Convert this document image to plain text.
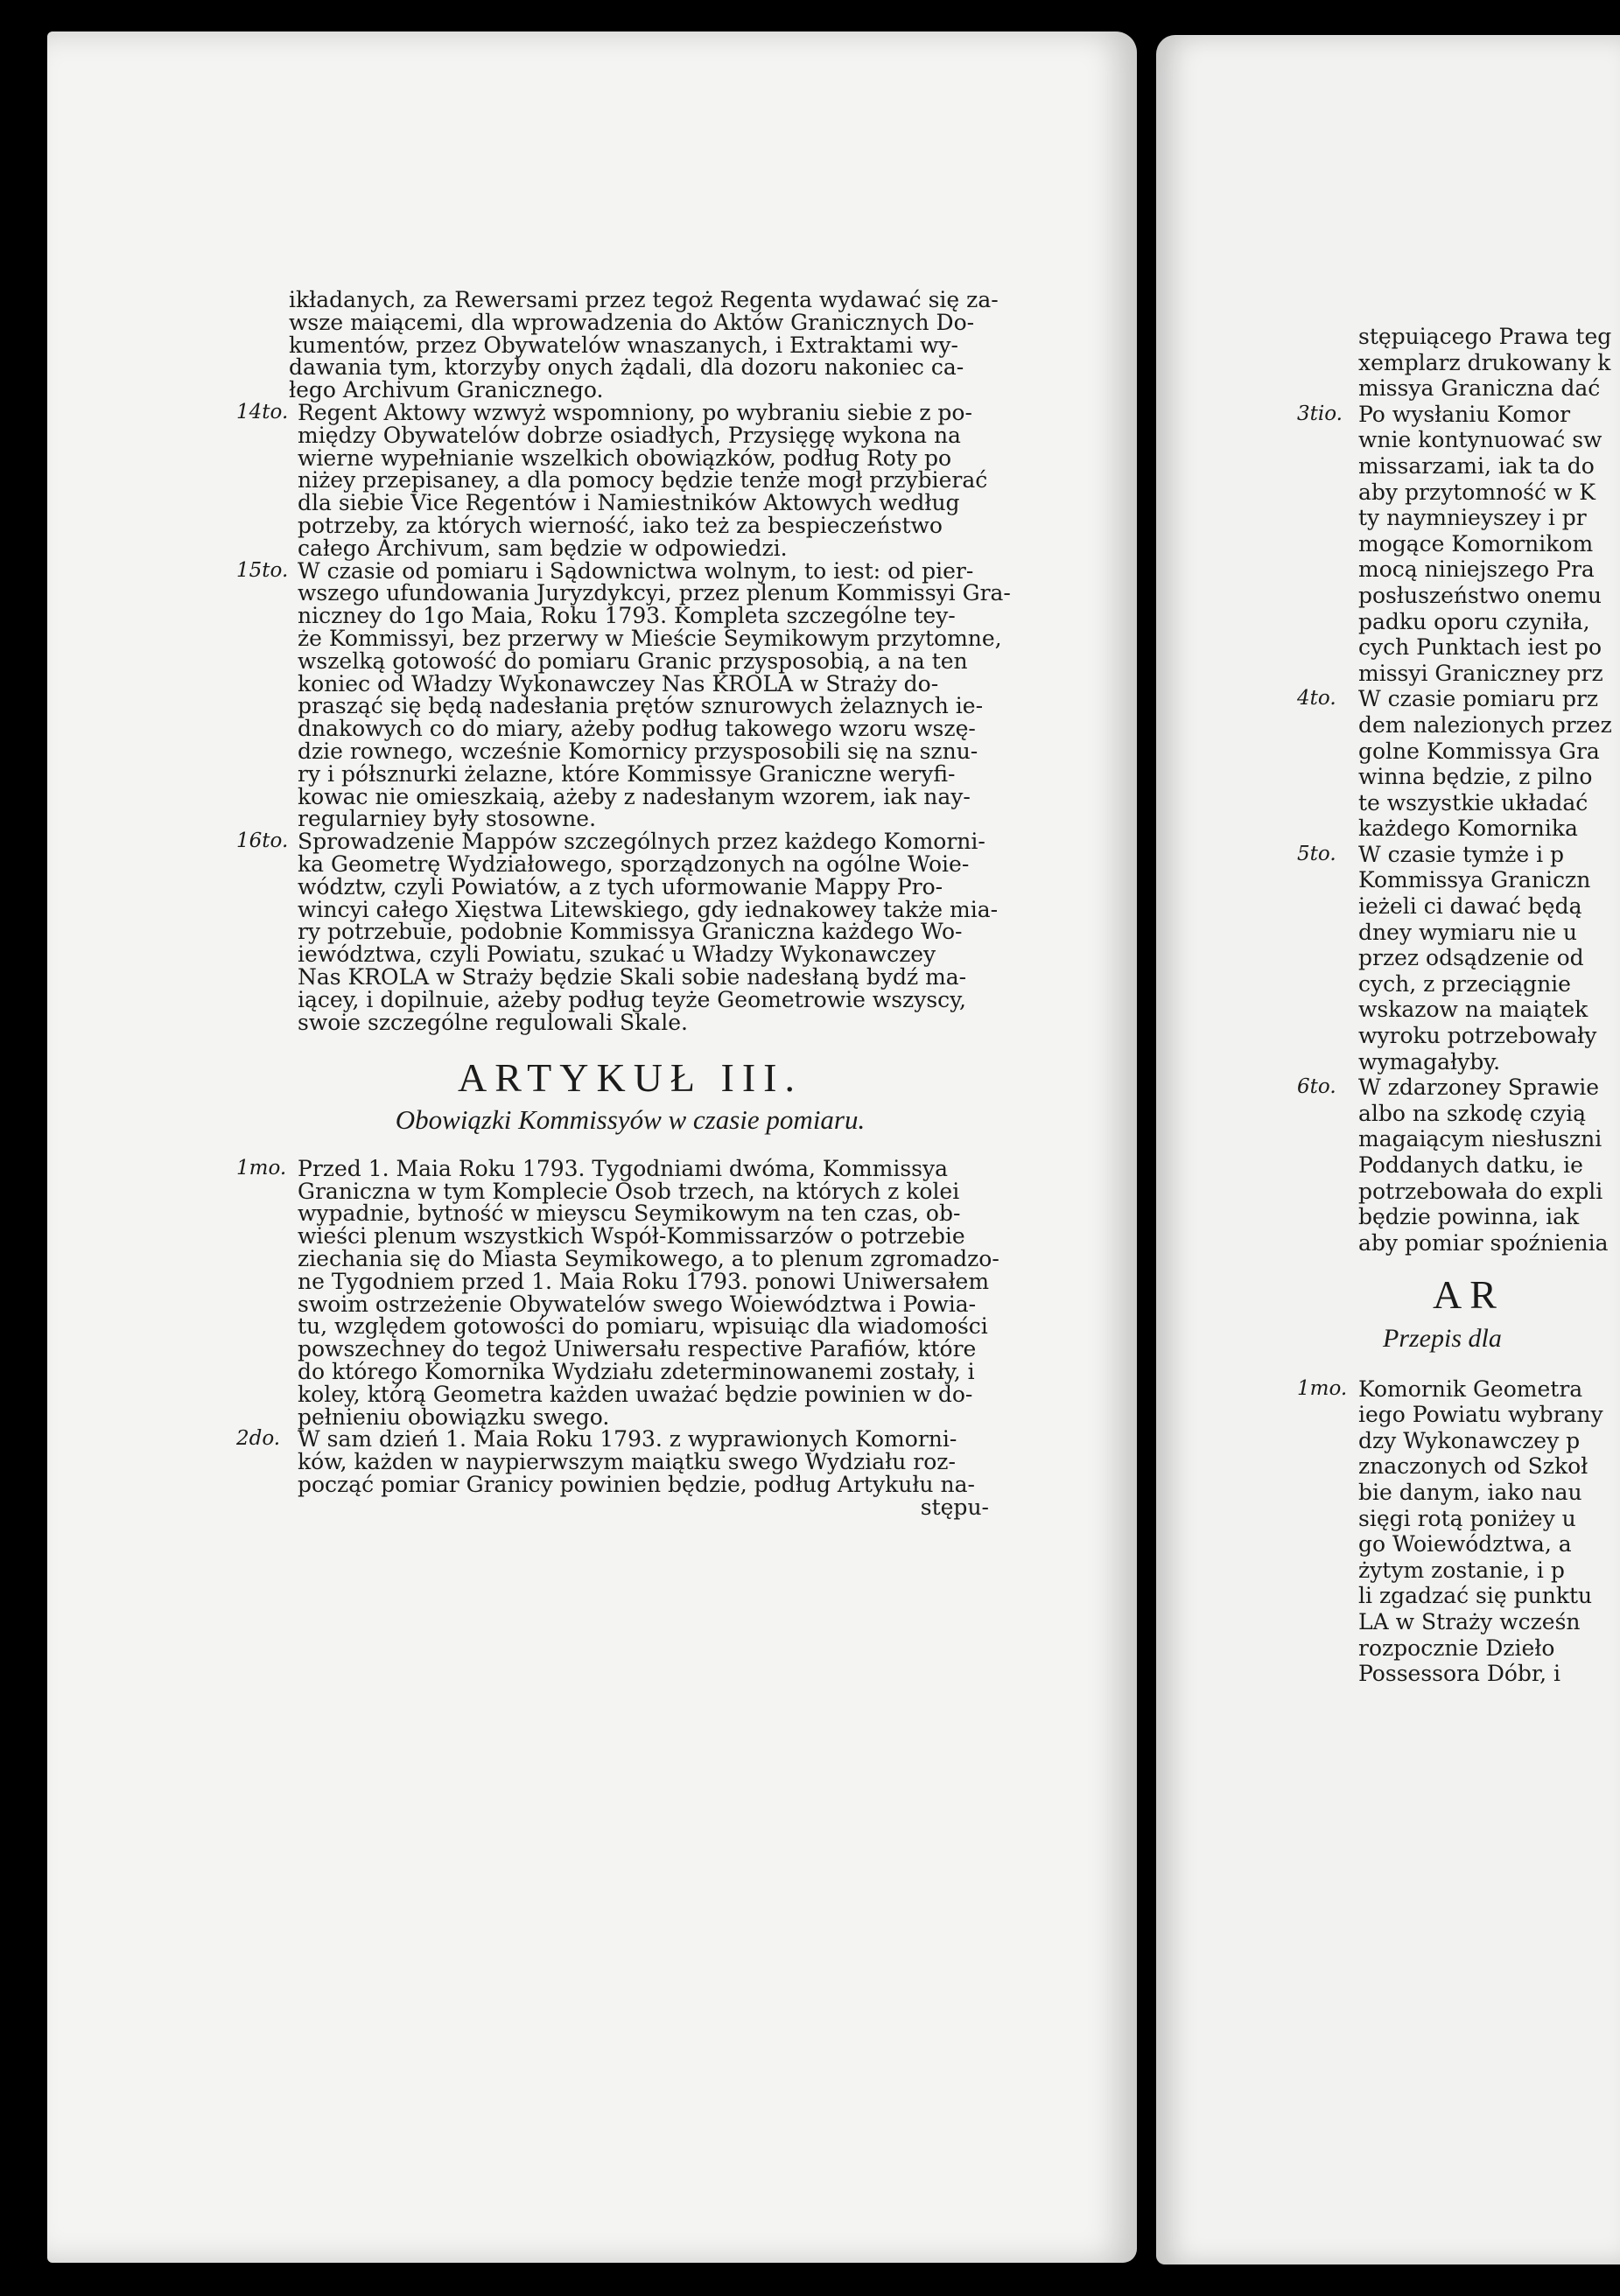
ikładanych, za Rewersami przez tegoż Regenta wydawać się za-
wsze maiącemi, dla wprowadzenia do Aktów Granicznych Do-
kumentów, przez Obywatelów wnaszanych, i Extraktami wy-
dawania tym, ktorzyby onych żądali, dla dozoru nakoniec ca-
łego Archivum Granicznego.
14to. Regent Aktowy wzwyż wspomniony, po wybraniu siebie z po-
między Obywatelów dobrze osiadłych, Przysięgę wykona na
wierne wypełnianie wszelkich obowiązków, podług Roty po
niżey przepisaney, a dla pomocy będzie tenże mogł przybierać
dla siebie Vice Regentów i Namiestników Aktowych według
potrzeby, za których wierność, iako też za bespieczeństwo
całego Archivum, sam będzie w odpowiedzi.
15to. W czasie od pomiaru i Sądownictwa wolnym, to iest: od pier-
wszego ufundowania Juryzdykcyi, przez plenum Kommissyi Gra-
niczney do 1go Maia, Roku 1793. Kompleta szczególne tey-
że Kommissyi, bez przerwy w Mieście Seymikowym przytomne,
wszelką gotowość do pomiaru Granic przysposobią, a na ten
koniec od Władzy Wykonawczey Nas KROLA w Straży do-
prasząć się będą nadesłania prętów sznurowych żelaznych ie-
dnakowych co do miary, ażeby podług takowego wzoru wszę-
dzie rownego, wcześnie Komornicy przysposobili się na sznu-
ry i półsznurki żelazne, które Kommissye Graniczne weryfi-
kowac nie omieszkaią, ażeby z nadesłanym wzorem, iak nay-
regularniey były stosowne.
16to. Sprowadzenie Mappów szczególnych przez każdego Komorni-
ka Geometrę Wydziałowego, sporządzonych na ogólne Woie-
wództw, czyli Powiatów, a z tych uformowanie Mappy Pro-
wincyi całego Xięstwa Litewskiego, gdy iednakowey także mia-
ry potrzebuie, podobnie Kommissya Graniczna każdego Wo-
iewództwa, czyli Powiatu, szukać u Władzy Wykonawczey
Nas KROLA w Straży będzie Skali sobie nadesłaną bydź ma-
iącey, i dopilnuie, ażeby podług teyże Geometrowie wszyscy,
swoie szczególne regulowali Skale.
ARTYKUŁ III.
Obowiązki Kommissyów w czasie pomiaru.
1mo. Przed 1. Maia Roku 1793. Tygodniami dwóma, Kommissya
Graniczna w tym Komplecie Osob trzech, na których z kolei
wypadnie, bytność w mieyscu Seymikowym na ten czas, ob-
wieści plenum wszystkich Współ-Kommissarzów o potrzebie
ziechania się do Miasta Seymikowego, a to plenum zgromadzo-
ne Tygodniem przed 1. Maia Roku 1793. ponowi Uniwersałem
swoim ostrzeżenie Obywatelów swego Woiewództwa i Powia-
tu, względem gotowości do pomiaru, wpisuiąc dla wiadomości
powszechney do tegoż Uniwersału respective Parafiów, które
do którego Komornika Wydziału zdeterminowanemi zostały, i
koley, którą Geometra każden uważać będzie powinien w do-
pełnieniu obowiązku swego.
2do. W sam dzień 1. Maia Roku 1793. z wyprawionych Komorni-
ków, każden w naypierwszym maiątku swego Wydziału roz-
począć pomiar Granicy powinien będzie, podług Artykułu na-
stępu-
stępuiącego Prawa teg
xemplarz drukowany k
missya Graniczna dać
3tio. Po wysłaniu Komor
wnie kontynuować sw
missarzami, iak ta do
aby przytomność w K
ty naymnieyszey i pr
mogące Komornikom
mocą niniejszego Pra
posłuszeństwo onemu
padku oporu czyniła,
cych Punktach iest po
missyi Graniczney prz
4to. W czasie pomiaru prz
dem nalezionych przez
golne Kommissya Gra
winna będzie, z pilno
te wszystkie układać
każdego Komornika
5to. W czasie tymże i p
Kommissya Graniczn
ieżeli ci dawać będą
dney wymiaru nie u
przez odsądzenie od
cych, z przeciągnie
wskazow na maiątek
wyroku potrzebowały
wymagałyby.
6to. W zdarzoney Sprawie
albo na szkodę czyią
magaiącym niesłuszni
Poddanych datku, ie
potrzebowała do expli
będzie powinna, iak
aby pomiar spoźnienia
AR
Przepis dla
1mo. Komornik Geometra
iego Powiatu wybrany
dzy Wykonawczey p
znaczonych od Szkoł
bie danym, iako nau
sięgi rotą poniżey u
go Woiewództwa, a
żytym zostanie, i p
li zgadzać się punktu
LA w Straży wcześn
rozpocznie Dzieło
Possessora Dóbr, i
